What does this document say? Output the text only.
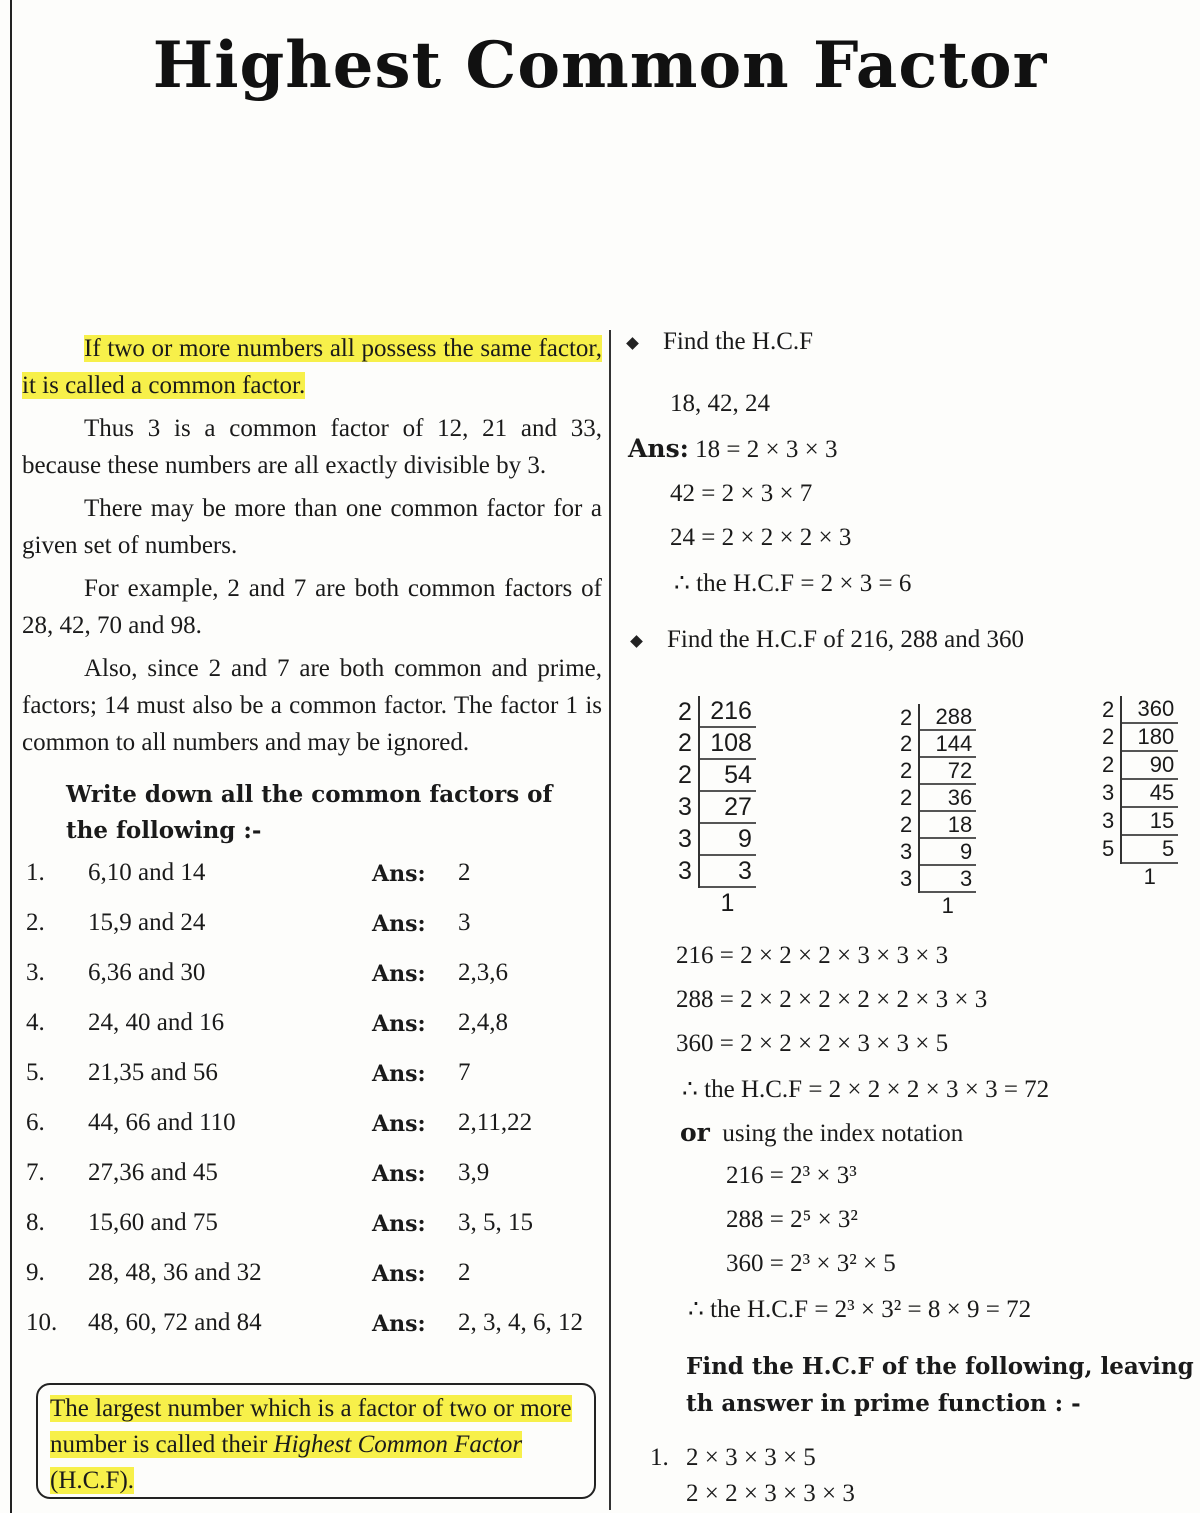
Highest Common Factor

If two or more numbers all possess the same factor, it is called a common factor.

Thus 3 is a common factor of 12, 21 and 33, because these numbers are all exactly divisible by 3.

There may be more than one common factor for a given set of numbers.

For example, 2 and 7 are both common factors of 28, 42, 70 and 98.

Also, since 2 and 7 are both common and prime, factors; 14 must also be a common factor. The factor 1 is common to all numbers and may be ignored.

Write down all the common factors of the following :-
1. 6,10 and 14	Ans: 2
2. 15,9 and 24	Ans: 3
3. 6,36 and 30	Ans: 2,3,6
4. 24, 40 and 16	Ans: 2,4,8
5. 21,35 and 56	Ans: 7
6. 44, 66 and 110	Ans: 2,11,22
7. 27,36 and 45	Ans: 3,9
8. 15,60 and 75	Ans: 3, 5, 15
9. 28, 48, 36 and 32	Ans: 2
10. 48, 60, 72 and 84	Ans: 2, 3, 4, 6, 12
The largest number which is a factor of two or more number is called their Highest Common Factor (H.C.F).
Find the H.C.F
18, 42, 24
Ans: 18 = 2 × 3 × 3
42 = 2 × 3 × 7
24 = 2 × 2 × 2 × 3
∴ the H.C.F = 2 × 3 = 6
Find the H.C.F of 216, 288 and 360
2	216
2	108
2	54
3	27
3	9
3	3
	1
2	288
2	144
2	72
2	36
2	18
3	9
3	3
	1
2	360
2	180
2	90
3	45
3	15
5	5
	1
216 = 2 × 2 × 2 × 3 × 3 × 3
288 = 2 × 2 × 2 × 2 × 2 × 3 × 3
360 = 2 × 2 × 2 × 3 × 3 × 5
∴ the H.C.F = 2 × 2 × 2 × 3 × 3 = 72
or using the index notation
216 = 2³ × 3³
288 = 2⁵ × 3²
360 = 2³ × 3² × 5
∴ the H.C.F = 2³ × 3² = 8 × 9 = 72
Find the H.C.F of the following, leaving th answer in prime function : -
1. 2 × 3 × 3 × 5
2 × 2 × 3 × 3 × 3
